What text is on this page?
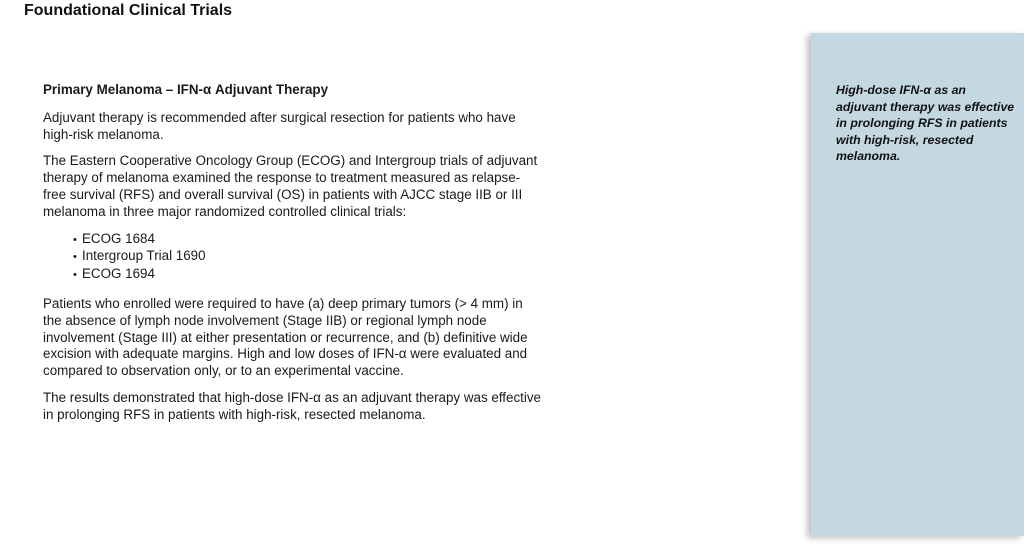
Foundational Clinical Trials
Primary Melanoma – IFN-α Adjuvant Therapy

Adjuvant therapy is recommended after surgical resection for patients who have high-risk melanoma.

The Eastern Cooperative Oncology Group (ECOG) and Intergroup trials of adjuvant therapy of melanoma examined the response to treatment measured as relapse-free survival (RFS) and overall survival (OS) in patients with AJCC stage IIB or III melanoma in three major randomized controlled clinical trials:

• ECOG 1684
• Intergroup Trial 1690
• ECOG 1694

Patients who enrolled were required to have (a) deep primary tumors (> 4 mm) in the absence of lymph node involvement (Stage IIB) or regional lymph node involvement (Stage III) at either presentation or recurrence, and (b) definitive wide excision with adequate margins. High and low doses of IFN-α were evaluated and compared to observation only, or to an experimental vaccine.

The results demonstrated that high-dose IFN-α as an adjuvant therapy was effective in prolonging RFS in patients with high-risk, resected melanoma.

High-dose IFN-α as an adjuvant therapy was effective in prolonging RFS in patients with high-risk, resected melanoma.
